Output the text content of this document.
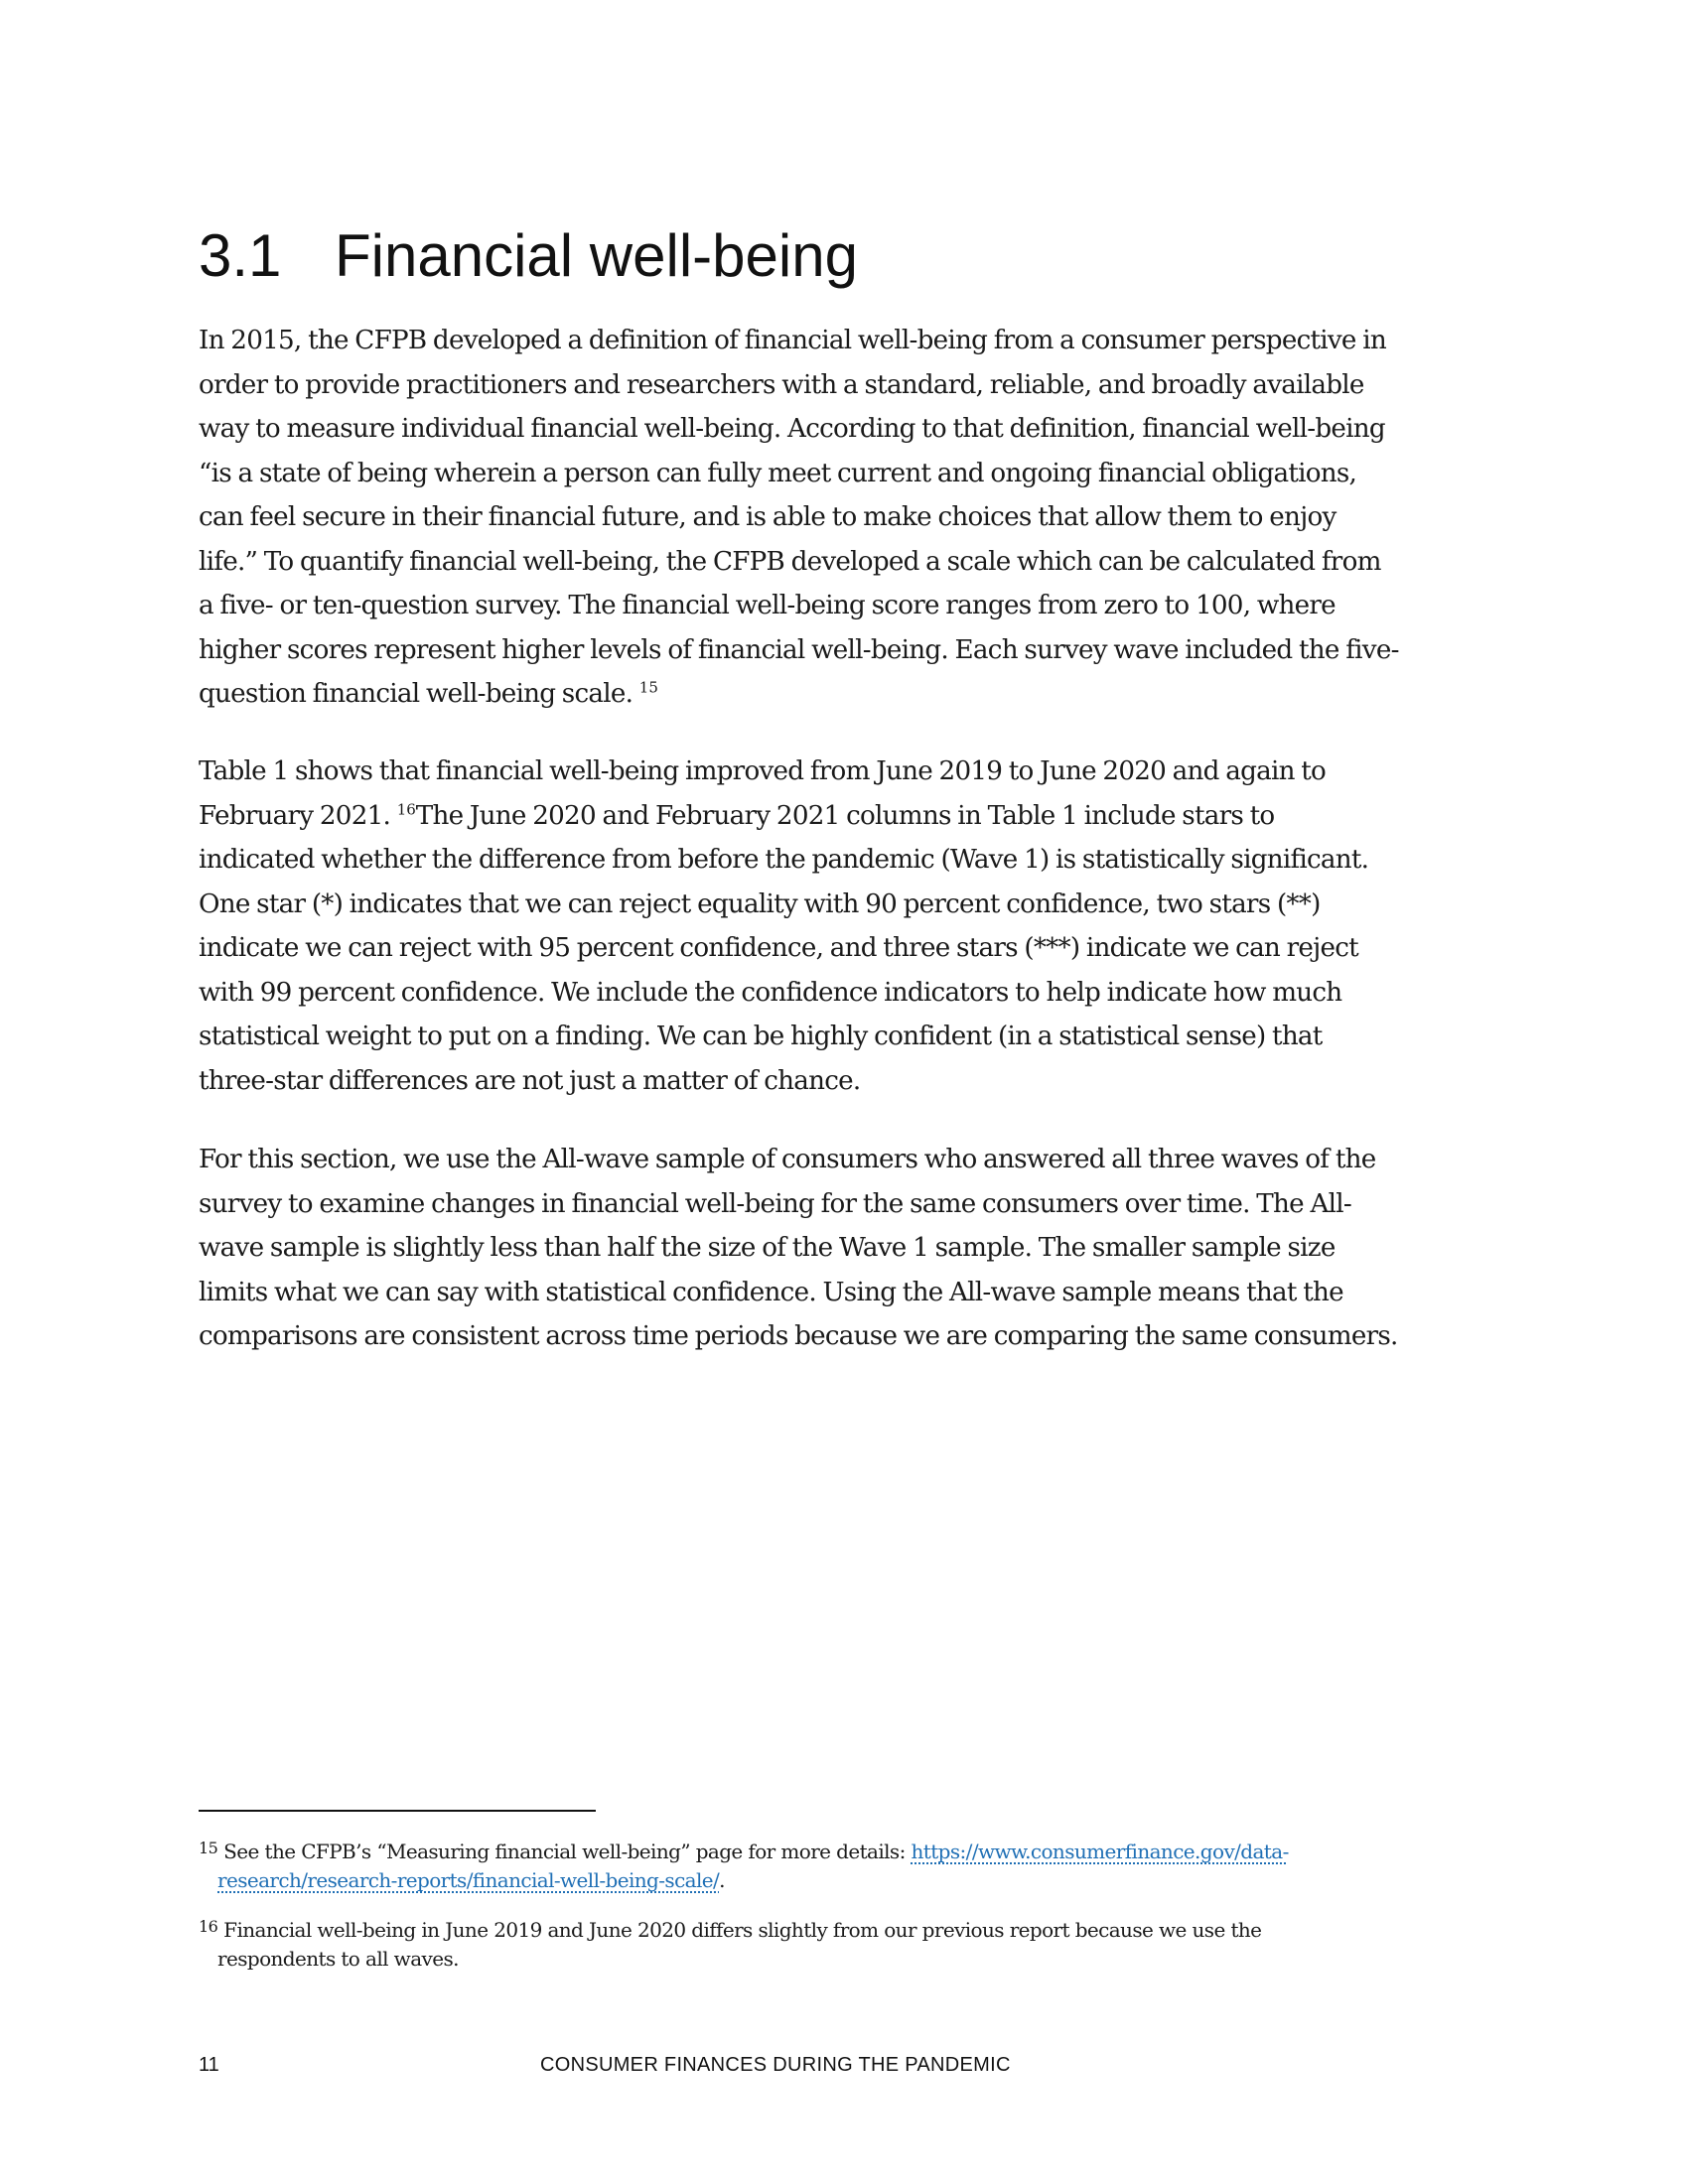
3.1 Financial well-being
In 2015, the CFPB developed a definition of financial well-being from a consumer perspective in
order to provide practitioners and researchers with a standard, reliable, and broadly available
way to measure individual financial well-being. According to that definition, financial well-being
“is a state of being wherein a person can fully meet current and ongoing financial obligations,
can feel secure in their financial future, and is able to make choices that allow them to enjoy
life.” To quantify financial well-being, the CFPB developed a scale which can be calculated from
a five- or ten-question survey. The financial well-being score ranges from zero to 100, where
higher scores represent higher levels of financial well-being. Each survey wave included the five-
question financial well-being scale. $^{15}$
Table 1 shows that financial well-being improved from June 2019 to June 2020 and again to
February 2021. $^{16}$The June 2020 and February 2021 columns in Table 1 include stars to
indicated whether the difference from before the pandemic (Wave 1) is statistically significant.
One star (*) indicates that we can reject equality with 90 percent confidence, two stars (**)
indicate we can reject with 95 percent confidence, and three stars (***) indicate we can reject
with 99 percent confidence. We include the confidence indicators to help indicate how much
statistical weight to put on a finding. We can be highly confident (in a statistical sense) that
three-star differences are not just a matter of chance.
For this section, we use the All-wave sample of consumers who answered all three waves of the
survey to examine changes in financial well-being for the same consumers over time. The All-
wave sample is slightly less than half the size of the Wave 1 sample. The smaller sample size
limits what we can say with statistical confidence. Using the All-wave sample means that the
comparisons are consistent across time periods because we are comparing the same consumers.
$^{15}$ See the CFPB’s “Measuring financial well-being” page for more details: https://www.consumerfinance.gov/data-
research/research-reports/financial-well-being-scale/.
$^{16}$ Financial well-being in June 2019 and June 2020 differs slightly from our previous report because we use the
respondents to all waves.
11	CONSUMER FINANCES DURING THE PANDEMIC
